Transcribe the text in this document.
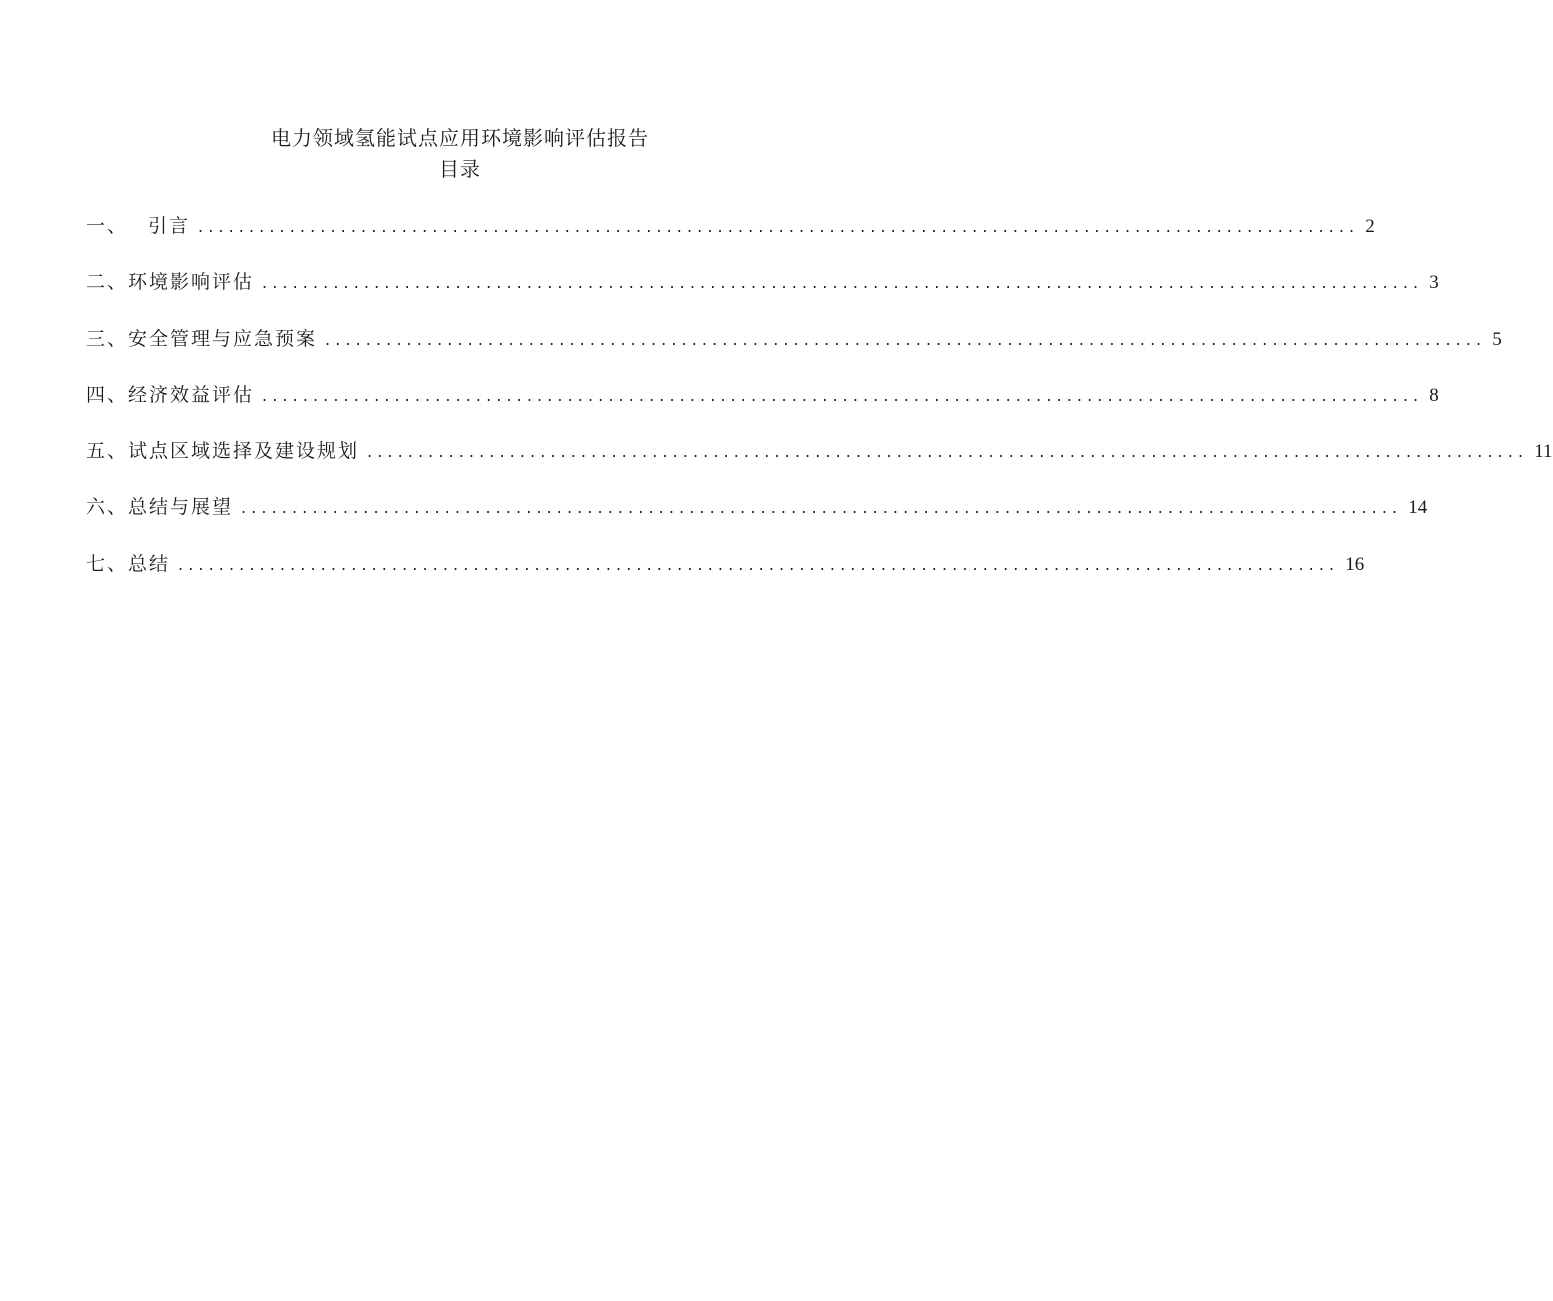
电力领域氢能试点应用环境影响评估报告
目录
一、 引言 .................................................................................................................. 2
二、环境影响评估 .................................................................................................................. 3
三、安全管理与应急预案 .................................................................................................................. 5
四、经济效益评估 .................................................................................................................. 8
五、试点区域选择及建设规划 .................................................................................................................. 11
六、总结与展望 .................................................................................................................. 14
七、总结 .................................................................................................................. 16
